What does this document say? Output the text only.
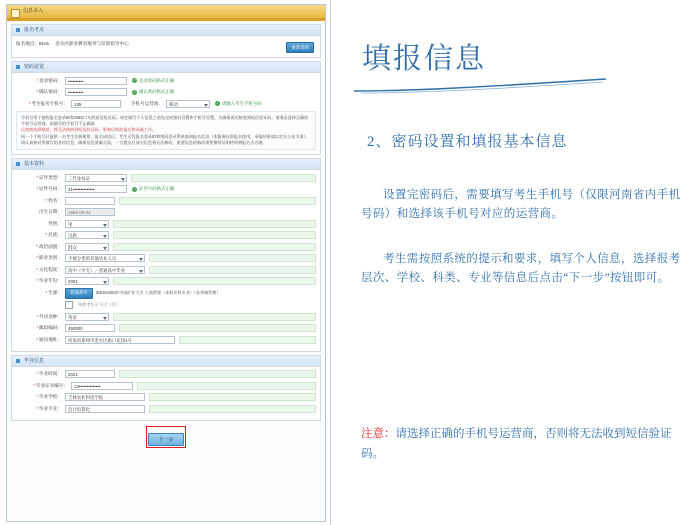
信息录入
报名考点
报名地点：8101 金水区职业教育服务与培训指导中心
重新选择
密码设置
* 登录密码：	••••••••••	✓ 登录密码格式正确
* 确认密码：	••••••••••	✓ 确认密码格式正确
* 考生报名手机号：	135	手机号运营商：	移动	✓ 请输入考生手机号码
手机号用于接收报名登录ID和SMS口头的短信验证码。请在填写个人信息之前先完成密码设置和手机号设置。为确保成功接收到短信验证码，请务必选择正确的手机号运营商。如填写的手机号不正确或
运营商选择错误，将无法接收到短信验证码，影响后续的报名和录取工作。
同一个手机号只能供一名考生注册使用，报名成功后，考生可凭报名登录ID和密码登录系统查询报名信息（本服务仅供报名使用，录取结果请以官方公布为准）。
请认真核对所填写的各项信息，确保信息准确无误，一旦提交后部分信息将无法修改，重要信息的修改需要携带证明材料到报名点办理。
基本资料
* 证件类型：	二代身份证
* 证件号码：	41••••••••••••••	✓ 证件号码格式正确
* 姓名：
出生日期：	1982-09-04
性别：	男
* 民族：	汉族
* 政治面貌：	群众
* 职业类别：	不便分类的其他从业人员
* 文化程度：	高中（中专）／普通高中毕业
* 毕业年份：	2001
* 生源：	普通高中	ID81044003 中国矿业大学 工商管理（本科专科专业）（业余制管理）
残疾考生可不过（否）
* 外语语种：	英语
* 邮政编码：	450000
* 通讯地址：	河南省郑州市金水区路口花园1号
毕业信息
* 毕业时间：	2021
* 毕业证书编号：	13••••••••••••••
* 毕业学校：	吉林农业科技学院
* 毕业专业：	会计电算化
下一步
填报信息
2、密码设置和填报基本信息
设置完密码后，需要填写考生手机号（仅限河南省内手机号码）和选择该手机号对应的运营商。
考生需按照系统的提示和要求，填写个人信息，选择报考层次、学校、科类、专业等信息后点击“下一步”按钮即可。
注意：请选择正确的手机号运营商，否则将无法收到短信验证码。
